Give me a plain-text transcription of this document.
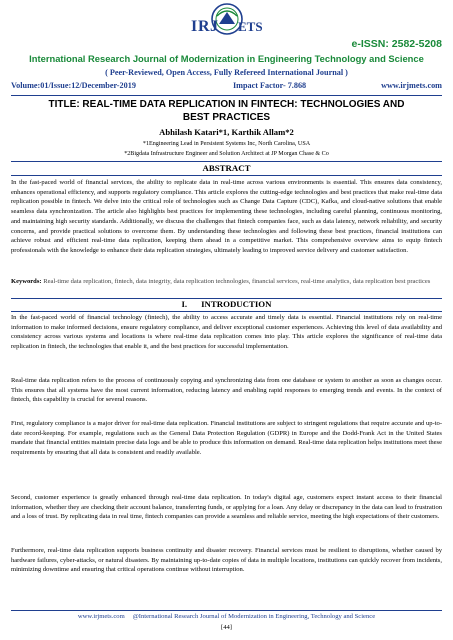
I R J ETS
e-ISSN: 2582-5208
International Research Journal of Modernization in Engineering Technology and Science
( Peer-Reviewed, Open Access, Fully Refereed International Journal )
Volume:01/Issue:12/December-2019	Impact Factor- 7.868	www.irjmets.com
TITLE: REAL-TIME DATA REPLICATION IN FINTECH: TECHNOLOGIES AND
BEST PRACTICES
Abhilash Katari*1, Karthik Allam*2
*1Engineering Lead in Persistent Systems Inc, North Carolina, USA
*2Bigdata Infrastructure Engineer and Solution Architect at JP Morgan Chase & Co
ABSTRACT

In the fast-paced world of financial services, the ability to replicate data in real-time across various environments is essential. This ensures data consistency, enhances operational efficiency, and supports regulatory compliance. This article explores the cutting-edge technologies and best practices that make real-time data replication possible in fintech. We delve into the critical role of technologies such as Change Data Capture (CDC), Kafka, and cloud-native solutions that enable seamless data synchronization. The article also highlights best practices for implementing these technologies, including careful planning, continuous monitoring, and maintaining high security standards. Additionally, we discuss the challenges that fintech companies face, such as data latency, network reliability, and security concerns, and provide practical solutions to overcome them. By understanding these technologies and following these best practices, financial institutions can achieve robust and efficient real-time data replication, keeping them ahead in a competitive market. This comprehensive overview aims to equip fintech professionals with the knowledge to enhance their data replication strategies, ultimately leading to improved service delivery and customer satisfaction.

Keywords: Real-time data replication, fintech, data integrity, data replication technologies, financial services, real-time analytics, data replication best practices
I. INTRODUCTION

In the fast-paced world of financial technology (fintech), the ability to access accurate and timely data is essential. Financial institutions rely on real-time information to make informed decisions, ensure regulatory compliance, and deliver exceptional customer experiences. Achieving this level of data availability and consistency across various systems and locations is where real-time data replication comes into play. This article explores the significance of real-time data replication in fintech, the technologies that enable it, and the best practices for successful implementation.

Real-time data replication refers to the process of continuously copying and synchronizing data from one database or system to another as soon as changes occur. This ensures that all systems have the most current information, reducing latency and enabling rapid responses to emerging trends and events. In the context of fintech, this capability is crucial for several reasons.

First, regulatory compliance is a major driver for real-time data replication. Financial institutions are subject to stringent regulations that require accurate and up-to-date record-keeping. For example, regulations such as the General Data Protection Regulation (GDPR) in Europe and the Dodd-Frank Act in the United States mandate that financial entities maintain precise data logs and be able to produce this information on demand. Real-time data replication helps institutions meet these requirements by ensuring that all data is consistent and readily available.

Second, customer experience is greatly enhanced through real-time data replication. In today's digital age, customers expect instant access to their financial information, whether they are checking their account balance, transferring funds, or applying for a loan. Any delay or discrepancy in the data can lead to frustration and a loss of trust. By replicating data in real time, fintech companies can provide a seamless and reliable service, meeting the high expectations of their customers.

Furthermore, real-time data replication supports business continuity and disaster recovery. Financial services must be resilient to disruptions, whether caused by hardware failures, cyber-attacks, or natural disasters. By maintaining up-to-date copies of data in multiple locations, institutions can quickly recover from incidents, minimizing downtime and ensuring that critical operations continue without interruption.

www.irjmets.com @International Research Journal of Modernization in Engineering, Technology and Science
[44]
